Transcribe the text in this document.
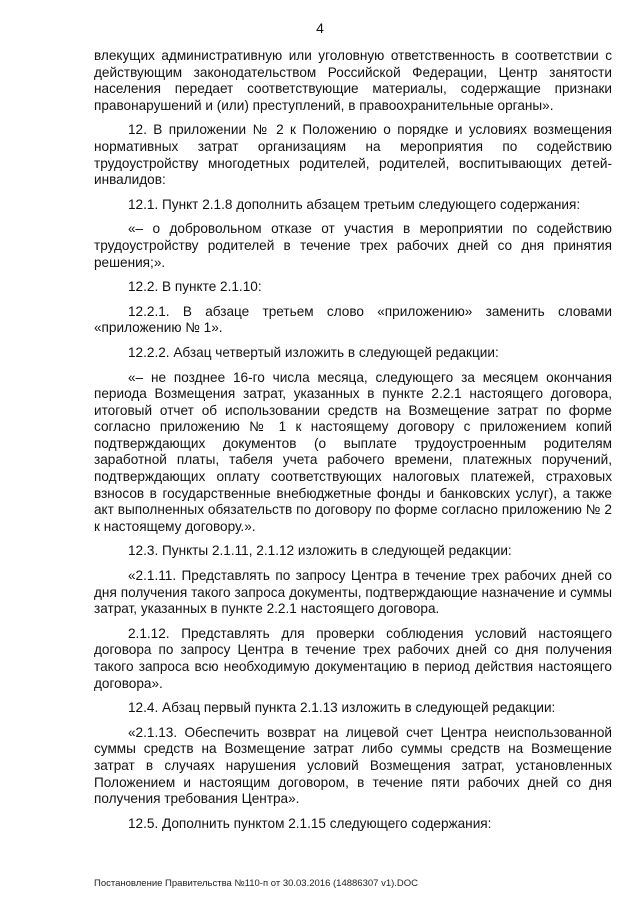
4

влекущих административную или уголовную ответственность в соответствии с действующим законодательством Российской Федерации, Центр занятости населения передает соответствующие материалы, содержащие признаки правонарушений и (или) преступлений, в правоохранительные органы».

12. В приложении № 2 к Положению о порядке и условиях возмещения нормативных затрат организациям на мероприятия по содействию трудоустройству многодетных родителей, родителей, воспитывающих детей-инвалидов:

12.1. Пункт 2.1.8 дополнить абзацем третьим следующего содержания:

«– о добровольном отказе от участия в мероприятии по содействию трудоустройству родителей в течение трех рабочих дней со дня принятия решения;».

12.2. В пункте 2.1.10:

12.2.1. В абзаце третьем слово «приложению» заменить словами «приложению № 1».

12.2.2. Абзац четвертый изложить в следующей редакции:

«– не позднее 16-го числа месяца, следующего за месяцем окончания периода Возмещения затрат, указанных в пункте 2.2.1 настоящего договора, итоговый отчет об использовании средств на Возмещение затрат по форме согласно приложению № 1 к настоящему договору с приложением копий подтверждающих документов (о выплате трудоустроенным родителям заработной платы, табеля учета рабочего времени, платежных поручений, подтверждающих оплату соответствующих налоговых платежей, страховых взносов в государственные внебюджетные фонды и банковских услуг), а также акт выполненных обязательств по договору по форме согласно приложению № 2 к настоящему договору.».

12.3. Пункты 2.1.11, 2.1.12 изложить в следующей редакции:

«2.1.11. Представлять по запросу Центра в течение трех рабочих дней со дня получения такого запроса документы, подтверждающие назначение и суммы затрат, указанных в пункте 2.2.1 настоящего договора.

2.1.12. Представлять для проверки соблюдения условий настоящего договора по запросу Центра в течение трех рабочих дней со дня получения такого запроса всю необходимую документацию в период действия настоящего договора».

12.4. Абзац первый пункта 2.1.13 изложить в следующей редакции:

«2.1.13. Обеспечить возврат на лицевой счет Центра неиспользованной суммы средств на Возмещение затрат либо суммы средств на Возмещение затрат в случаях нарушения условий Возмещения затрат, установленных Положением и настоящим договором, в течение пяти рабочих дней со дня получения требования Центра».

12.5. Дополнить пунктом 2.1.15 следующего содержания:

Постановление Правительства №110-п от 30.03.2016 (14886307 v1).DOC
